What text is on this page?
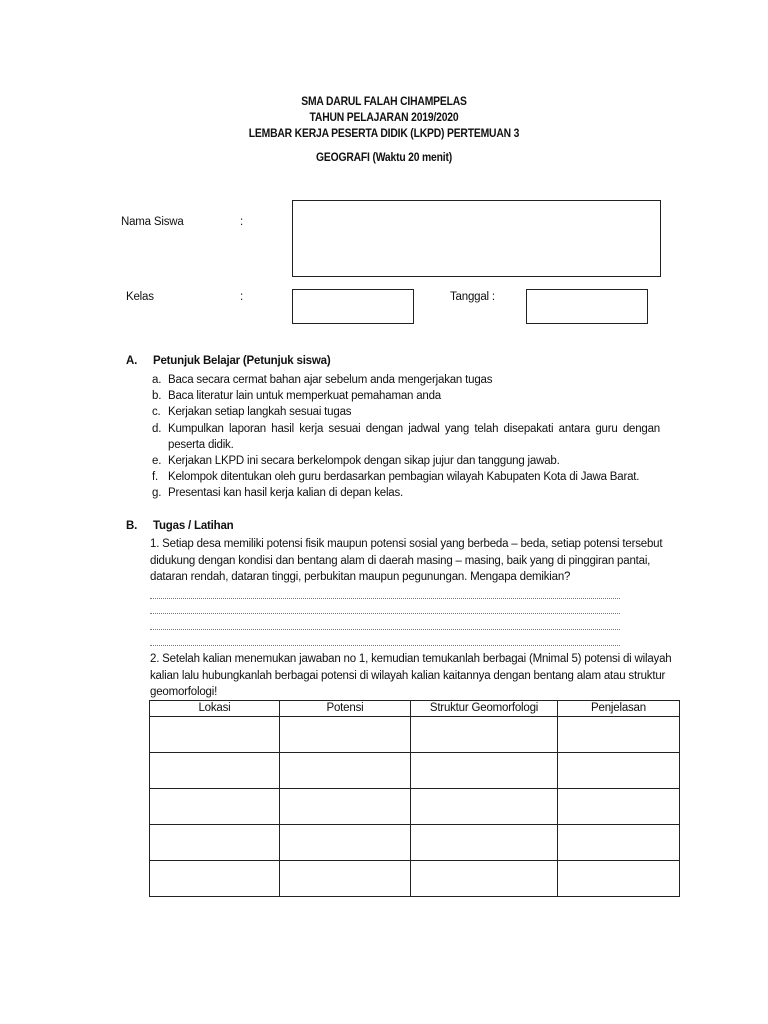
SMA DARUL FALAH CIHAMPELAS
TAHUN PELAJARAN 2019/2020
LEMBAR KERJA PESERTA DIDIK (LKPD) PERTEMUAN 3
GEOGRAFI (Waktu 20 menit)
Nama Siswa	:
Kelas	:	Tanggal :
A. Petunjuk Belajar (Petunjuk siswa)
a. Baca secara cermat bahan ajar sebelum anda mengerjakan tugas
b. Baca literatur lain untuk memperkuat pemahaman anda
c. Kerjakan setiap langkah sesuai tugas
d. Kumpulkan laporan hasil kerja sesuai dengan jadwal yang telah disepakati antara guru dengan peserta didik.
e. Kerjakan LKPD ini secara berkelompok dengan sikap jujur dan tanggung jawab.
f. Kelompok ditentukan oleh guru berdasarkan pembagian wilayah Kabupaten Kota di Jawa Barat.
g. Presentasi kan hasil kerja kalian di depan kelas.
B. Tugas / Latihan
1. Setiap desa memiliki potensi fisik maupun potensi sosial yang berbeda – beda, setiap potensi tersebut didukung dengan kondisi dan bentang alam di daerah masing – masing, baik yang di pinggiran pantai, dataran rendah, dataran tinggi, perbukitan maupun pegunungan. Mengapa demikian?
2. Setelah kalian menemukan jawaban no 1, kemudian temukanlah berbagai (Mnimal 5) potensi di wilayah kalian lalu hubungkanlah berbagai potensi di wilayah kalian kaitannya dengan bentang alam atau struktur geomorfologi!
Lokasi	Potensi	Struktur Geomorfologi	Penjelasan
